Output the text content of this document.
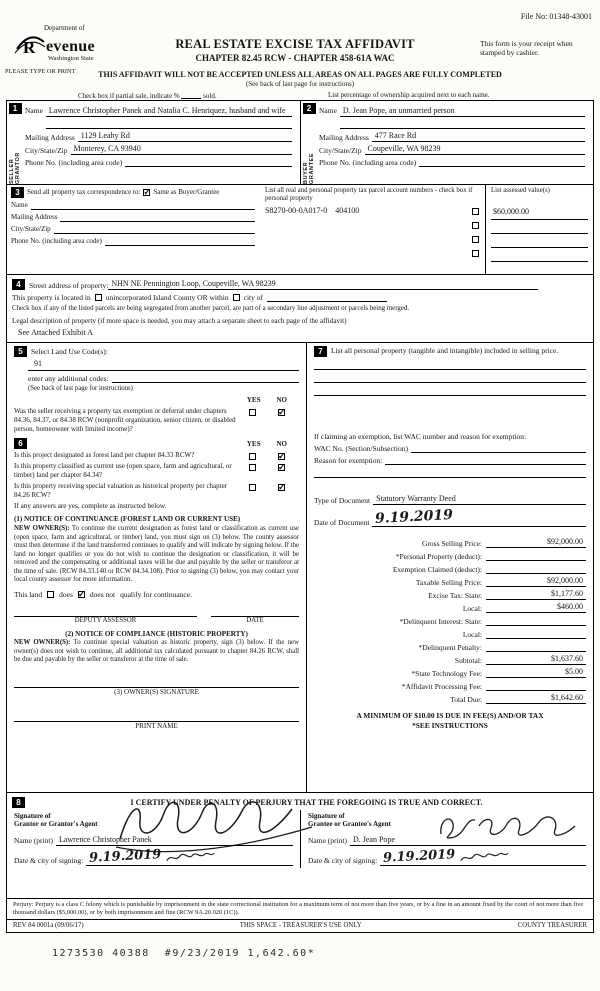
File No: 01348-43001
Department of
R evenue
Washington State
PLEASE TYPE OR PRINT
REAL ESTATE EXCISE TAX AFFIDAVIT
CHAPTER 82.45 RCW - CHAPTER 458-61A WAC
This form is your receipt when stamped by cashier.
THIS AFFIDAVIT WILL NOT BE ACCEPTED UNLESS ALL AREAS ON ALL PAGES ARE FULLY COMPLETED
(See back of last page for instructions)
Check box if partial sale, indicate %	sold.	List percentage of ownership acquired next to each name.
1
SELLER GRANTOR
Name Lawrence Christopher Panek and Natalia C. Henriquez, husband and wife
Mailing Address 1129 Leahy Rd
City/State/Zip Monterey, CA 93940
Phone No. (including area code)
2
BUYER GRANTEE
Name D. Jean Pope, an unmarried person
Mailing Address 477 Race Rd
City/State/Zip Coupeville, WA 98239
Phone No. (including area code)
3	Send all property tax correspondence to: ✓ Same as Buyer/Grantee
Name
Mailing Address
City/State/Zip
Phone No. (including area code)
List all real and personal property tax parcel account numbers - check box if personal property
S8270-00-0A017-0    404100
List assessed value(s)
$60,000.00
4	Street address of property: NHN NE Pennington Loop, Coupeville, WA 98239
This property is located in unincorporated Island County OR within city of
Check box if any of the listed parcels are being segregated from another parcel, are part of a secondary line adjustment or parcels being merged.
Legal description of property (if more space is needed, you may attach a separate sheet to each page of the affidavit)
See Attached Exhibit A
5	Select Land Use Code(s):
91
enter any additional codes:
(See back of last page for instructions)
YES NO
Was the seller receiving a property tax exemption or deferral under chapters 84.36, 84.37, or 84.38 RCW (nonprofit organization, senior citizen, or disabled person, homeowner with limited income)?
✓
6	YES NO
Is this project designated as forest land per chapter 84.33 RCW?
✓
Is this property classified as current use (open space, farm and agricultural, or timber) land per chapter 84.34?
✓
Is this property receiving special valuation as historical property per chapter 84.26 RCW?
✓
If any answers are yes, complete as instructed below.
(1) NOTICE OF CONTINUANCE (FOREST LAND OR CURRENT USE)
NEW OWNER(S): To continue the current designation as forest land or classification as current use (open space, farm and agricultural, or timber) land, you must sign on (3) below. The county assessor must then determine if the land transferred continues to qualify and will indicate by signing below. If the land no longer qualifies or you do not wish to continue the designation or classification, it will be removed and the compensating or additional taxes will be due and payable by the seller or transferor at the time of sale. (RCW 84.33.140 or RCW 84.34.108). Prior to signing (3) below, you may contact your local county assessor for more information.
This land does ✓ does not qualify for continuance.
DEPUTY ASSESSOR	DATE
(2) NOTICE OF COMPLIANCE (HISTORIC PROPERTY)
NEW OWNER(S): To continue special valuation as historic property, sign (3) below. If the new owner(s) does not wish to continue, all additional tax calculated pursuant to chapter 84.26 RCW, shall be due and payable by the seller or transferor at the time of sale.
(3) OWNER(S) SIGNATURE
PRINT NAME
7	List all personal property (tangible and intangible) included in selling price.
If claiming an exemption, list WAC number and reason for exemption:
WAC No. (Section/Subsection)
Reason for exemption:
Type of Document Statutory Warranty Deed
Date of Document 9.19.2019
Gross Selling Price:	$92,000.00
*Personal Property (deduct):
Exemption Claimed (deduct):
Taxable Selling Price:	$92,000.00
Excise Tax: State:	$1,177.60
Local:	$460.00
*Delinquent Interest: State:
Local:
*Delinquent Penalty:
Subtotal:	$1,637.60
*State Technology Fee:	$5.00
*Affidavit Processing Fee:
Total Due:	$1,642.60
A MINIMUM OF $10.00 IS DUE IN FEE(S) AND/OR TAX
*SEE INSTRUCTIONS
8	I CERTIFY UNDER PENALTY OF PERJURY THAT THE FOREGOING IS TRUE AND CORRECT.
Signature of
Grantor or Grantor's Agent
Name (print) Lawrence Christopher Panek
Date & city of signing: 9.19.2019
Signature of
Grantee or Grantee's Agent
Name (print) D. Jean Pope
Date & city of signing: 9.19.2019
Perjury: Perjury is a class C felony which is punishable by imprisonment in the state correctional institution for a maximum term of not more than five years, or by a fine in an amount fixed by the court of not more than five thousand dollars ($5,000.00), or by both imprisonment and fine (RCW 9A.20.020 (1C)).
REV 84 0001a (09/06/17)	THIS SPACE - TREASURER'S USE ONLY	COUNTY TREASURER
1273530 40388  #9/23/2019 1,642.60*
